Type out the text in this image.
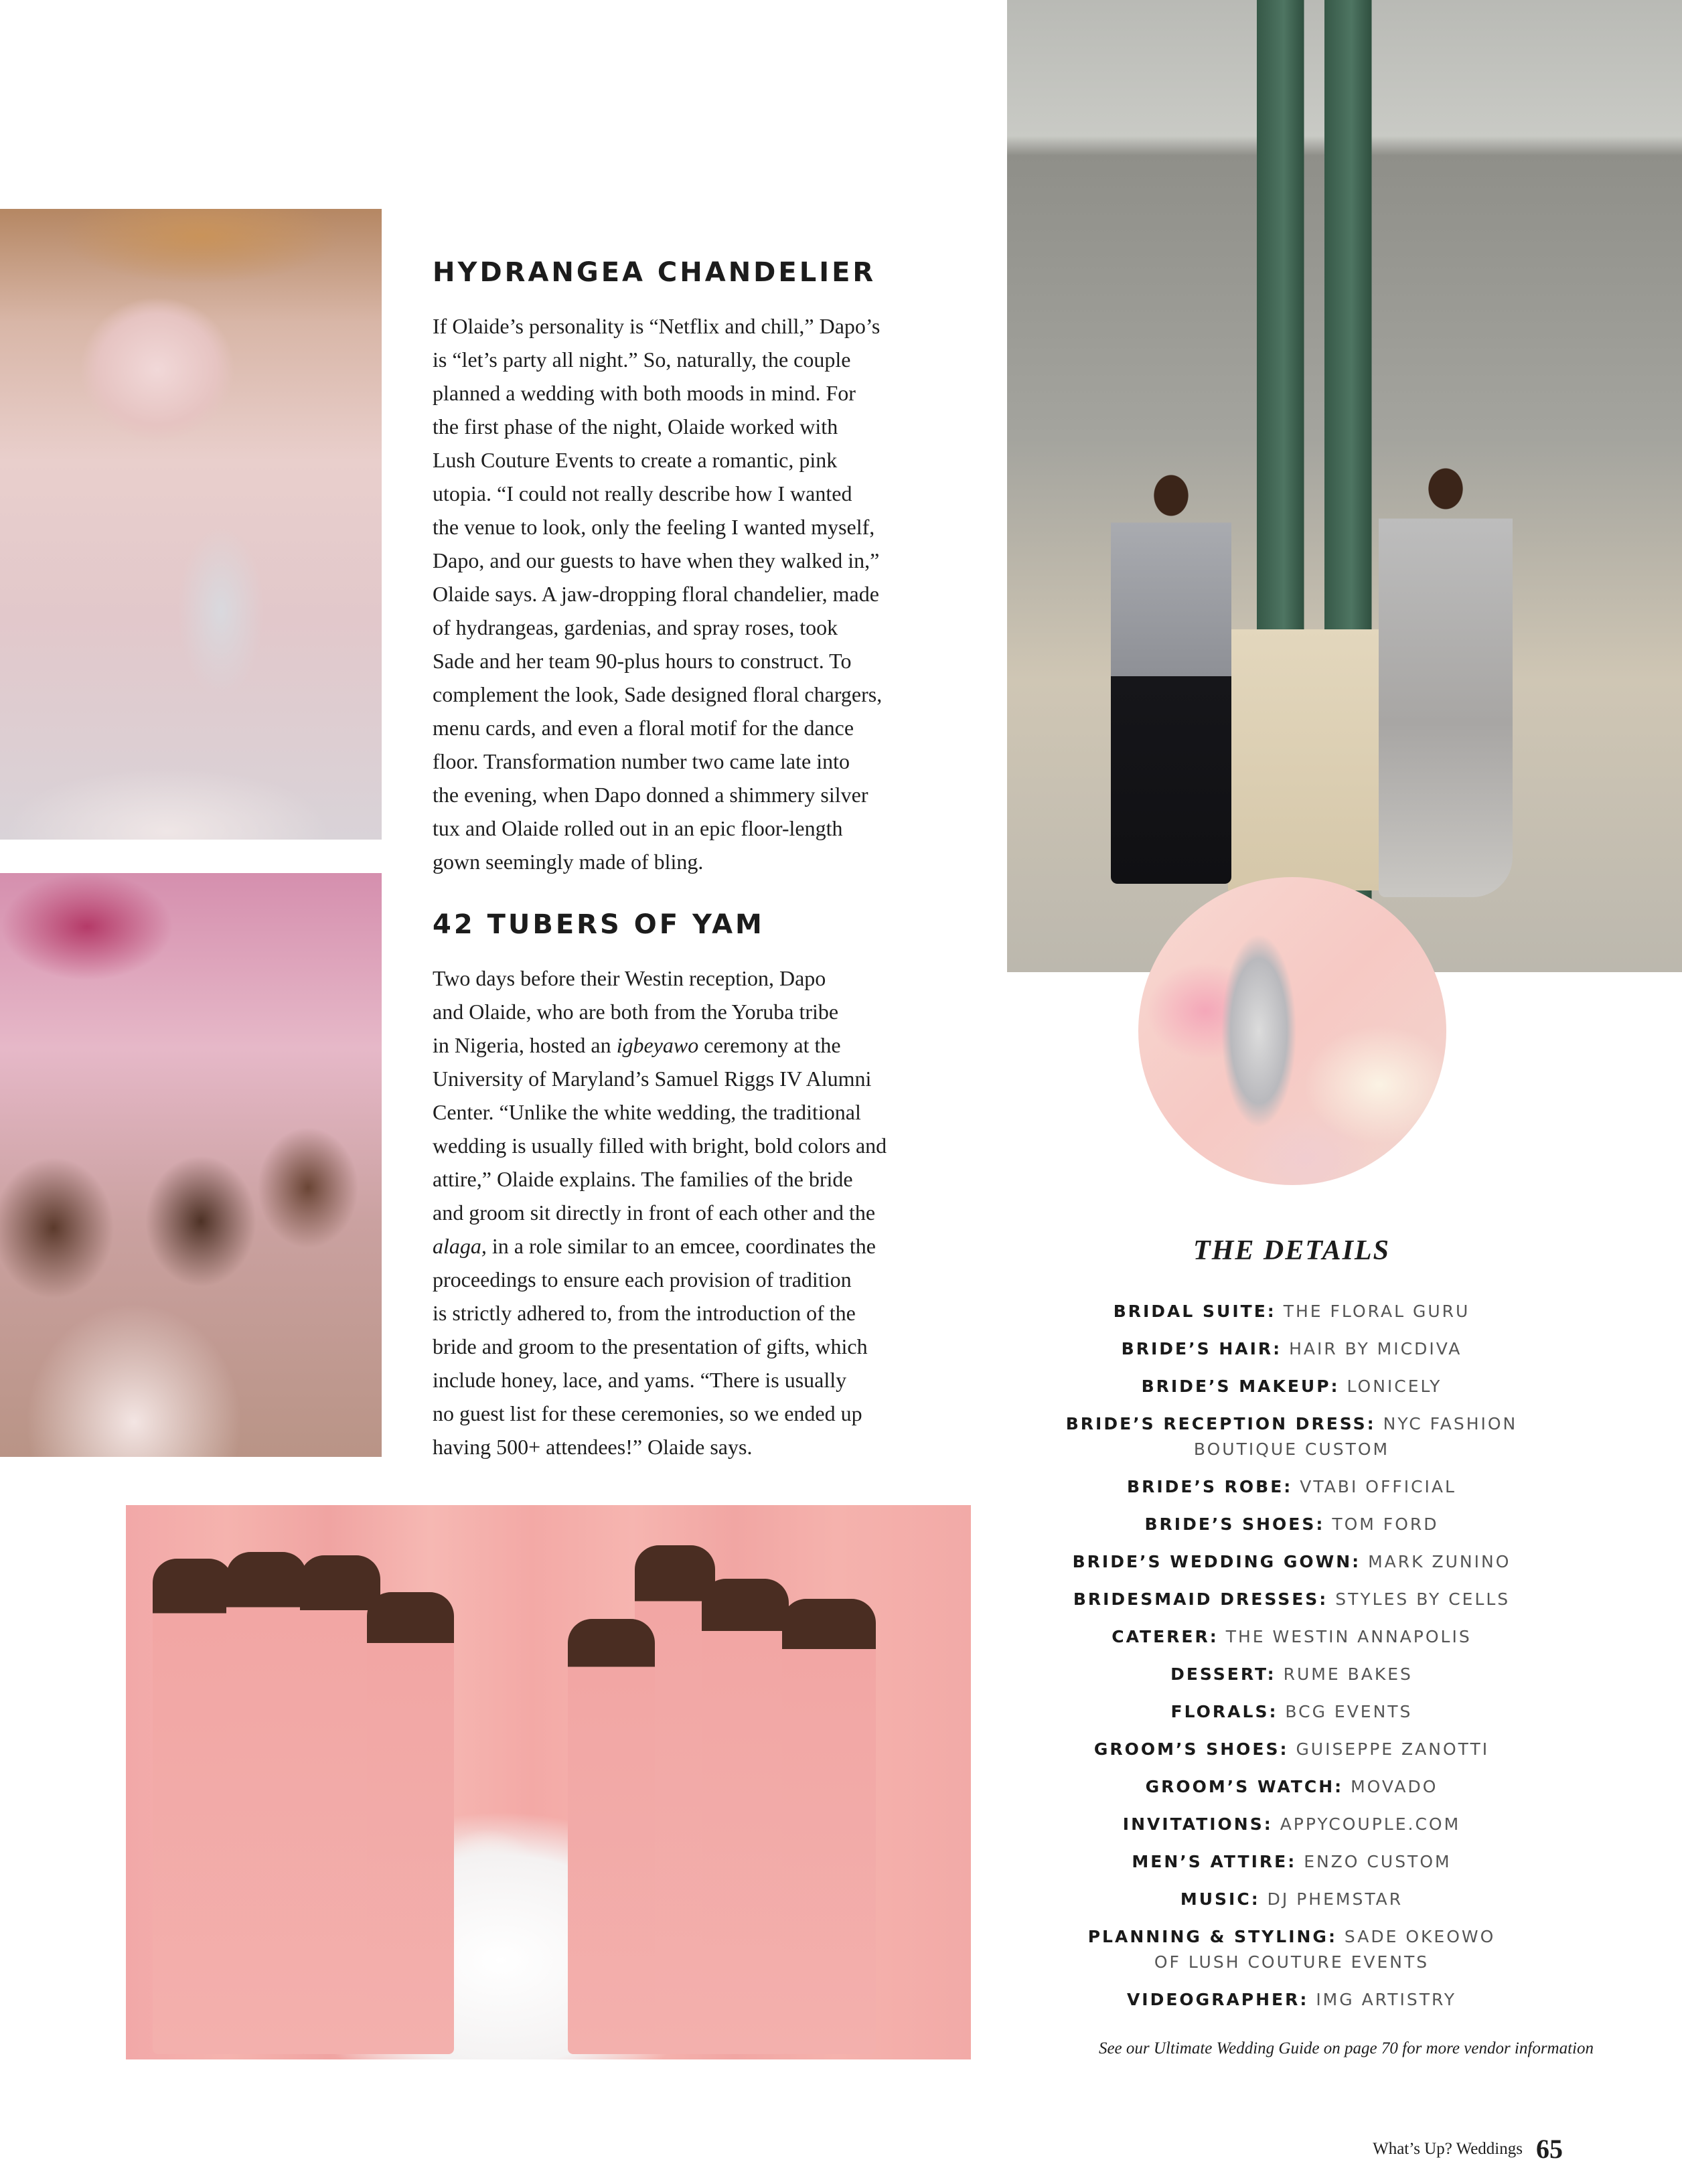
HYDRANGEA CHANDELIER

If Olaide’s personality is “Netflix and chill,” Dapo’s
is “let’s party all night.” So, naturally, the couple
planned a wedding with both moods in mind. For
the first phase of the night, Olaide worked with
Lush Couture Events to create a romantic, pink
utopia. “I could not really describe how I wanted
the venue to look, only the feeling I wanted myself,
Dapo, and our guests to have when they walked in,”
Olaide says. A jaw-dropping floral chandelier, made
of hydrangeas, gardenias, and spray roses, took
Sade and her team 90-plus hours to construct. To
complement the look, Sade designed floral chargers,
menu cards, and even a floral motif for the dance
floor. Transformation number two came late into
the evening, when Dapo donned a shimmery silver
tux and Olaide rolled out in an epic floor-length
gown seemingly made of bling.

42 TUBERS OF YAM

Two days before their Westin reception, Dapo
and Olaide, who are both from the Yoruba tribe
in Nigeria, hosted an igbeyawo ceremony at the
University of Maryland’s Samuel Riggs IV Alumni
Center. “Unlike the white wedding, the traditional
wedding is usually filled with bright, bold colors and
attire,” Olaide explains. The families of the bride
and groom sit directly in front of each other and the
alaga, in a role similar to an emcee, coordinates the
proceedings to ensure each provision of tradition
is strictly adhered to, from the introduction of the
bride and groom to the presentation of gifts, which
include honey, lace, and yams. “There is usually
no guest list for these ceremonies, so we ended up
having 500+ attendees!” Olaide says.

THE DETAILS
BRIDAL SUITE: THE FLORAL GURU
BRIDE’S HAIR: HAIR BY MICDIVA
BRIDE’S MAKEUP: LONICELY
BRIDE’S RECEPTION DRESS: NYC FASHION
BOUTIQUE CUSTOM
BRIDE’S ROBE: VTABI OFFICIAL
BRIDE’S SHOES: TOM FORD
BRIDE’S WEDDING GOWN: MARK ZUNINO
BRIDESMAID DRESSES: STYLES BY CELLS
CATERER: THE WESTIN ANNAPOLIS
DESSERT: RUME BAKES
FLORALS: BCG EVENTS
GROOM’S SHOES: GUISEPPE ZANOTTI
GROOM’S WATCH: MOVADO
INVITATIONS: APPYCOUPLE.COM
MEN’S ATTIRE: ENZO CUSTOM
MUSIC: DJ PHEMSTAR
PLANNING & STYLING: SADE OKEOWO
OF LUSH COUTURE EVENTS
VIDEOGRAPHER: IMG ARTISTRY

See our Ultimate Wedding Guide on page 70 for more vendor information

What’s Up? Weddings 65
